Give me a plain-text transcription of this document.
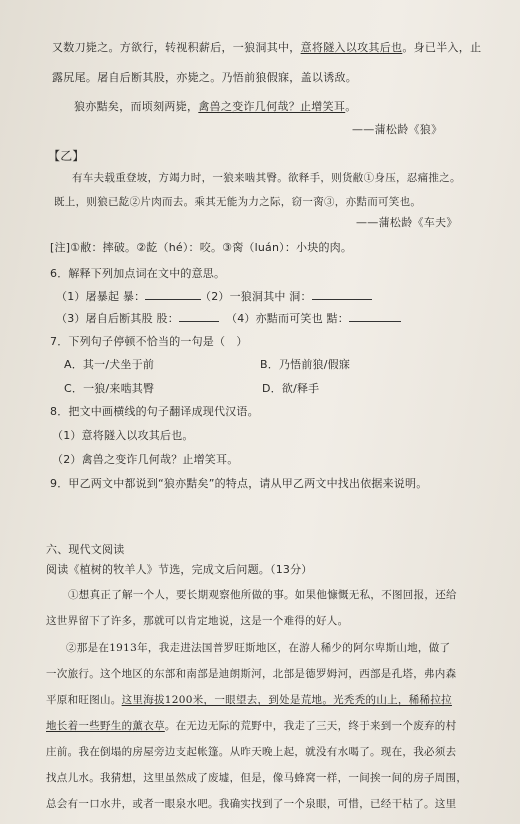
又数刀毙之。方欲行，转视积薪后，一狼洞其中，意将隧入以攻其后也。身已半入，止
露尻尾。屠自后断其股，亦毙之。乃悟前狼假寐，盖以诱敌。
狼亦黠矣，而顷刻两毙，禽兽之变诈几何哉？止增笑耳。
——蒲松龄《狼》
【乙】
有车夫载重登坡，方竭力时，一狼来啮其臀。欲释手，则货敝①身压，忍痛推之。
既上，则狼已龁②片肉而去。乘其无能为力之际，窃一脔③，亦黠而可笑也。
——蒲松龄《车夫》
[注]①敝：摔破。②龁（hé）：咬。③脔（luán）：小块的肉。
6．解释下列加点词在文中的意思。
（1）屠暴起 暴：	（2）一狼洞其中 洞：
（3）屠自后断其股 股：	（4）亦黠而可笑也 黠：
7．下列句子停顿不恰当的一句是（　）
A．其一/犬坐于前	B．乃悟前狼/假寐
C．一狼/来啮其臀	D．欲/释手
8．把文中画横线的句子翻译成现代汉语。
（1）意将隧入以攻其后也。
（2）禽兽之变诈几何哉？止增笑耳。
9．甲乙两文中都说到“狼亦黠矣”的特点，请从甲乙两文中找出依据来说明。
六、现代文阅读
阅读《植树的牧羊人》节选，完成文后问题。（13分）
①想真正了解一个人，要长期观察他所做的事。如果他慷慨无私，不图回报，还给
这世界留下了许多，那就可以肯定地说，这是一个难得的好人。
②那是在1913年，我走进法国普罗旺斯地区，在游人稀少的阿尔卑斯山地，做了
一次旅行。这个地区的东部和南部是迪朗斯河，北部是德罗姆河，西部是孔塔，弗内森
平原和旺图山。这里海拔1200米，一眼望去，到处是荒地。光秃秃的山上，稀稀拉拉
地长着一些野生的薰衣草。在无边无际的荒野中，我走了三天，终于来到一个废弃的村
庄前。我在倒塌的房屋旁边支起帐篷。从昨天晚上起，就没有水喝了。现在，我必须去
找点儿水。我猜想，这里虽然成了废墟，但是，像马蜂窝一样，一间挨一间的房子周围，
总会有一口水井，或者一眼泉水吧。我确实找到了一个泉眼，可惜，已经干枯了。这里
